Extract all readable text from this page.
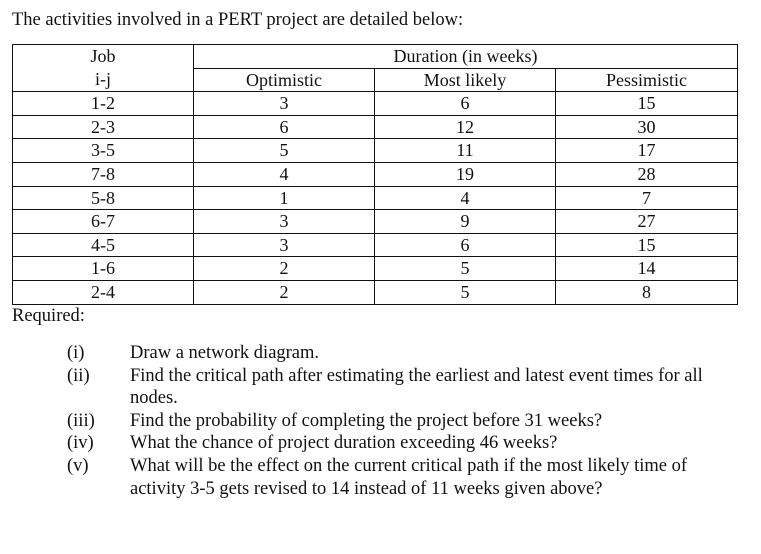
The activities involved in a PERT project are detailed below:
Job	Duration (in weeks)		
i-j	Optimistic	Most likely	Pessimistic
1-2	3	6	15
2-3	6	12	30
3-5	5	11	17
7-8	4	19	28
5-8	1	4	7
6-7	3	9	27
4-5	3	6	15
1-6	2	5	14
2-4	2	5	8
Required:
(i)	Draw a network diagram.
(ii)	Find the critical path after estimating the earliest and latest event times for all nodes.
(iii)	Find the probability of completing the project before 31 weeks?
(iv)	What the chance of project duration exceeding 46 weeks?
(v)	What will be the effect on the current critical path if the most likely time of activity 3-5 gets revised to 14 instead of 11 weeks given above?
